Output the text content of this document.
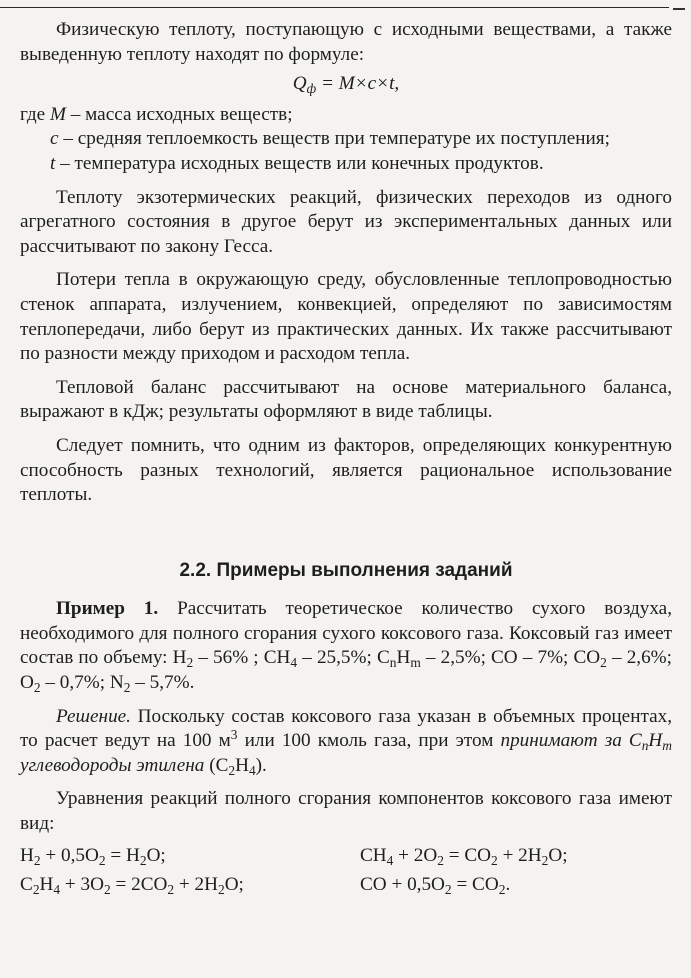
Физическую теплоту, поступающую с исходными веществами, а также выведенную теплоту находят по формуле:

$Q_ф = M\times c\times t$,

где M – масса исходных веществ;

c – средняя теплоемкость веществ при температуре их поступления;

t – температура исходных веществ или конечных продуктов.

Теплоту экзотермических реакций, физических переходов из одного агрегатного состояния в другое берут из экспериментальных данных или рассчитывают по закону Гесса.

Потери тепла в окружающую среду, обусловленные теплопроводностью стенок аппарата, излучением, конвекцией, определяют по зависимостям теплопередачи, либо берут из практических данных. Их также рассчитывают по разности между приходом и расходом тепла.

Тепловой баланс рассчитывают на основе материального баланса, выражают в кДж; результаты оформляют в виде таблицы.

Следует помнить, что одним из факторов, определяющих конкурентную способность разных технологий, является рациональное использование теплоты.

2.2. Примеры выполнения заданий

Пример 1. Рассчитать теоретическое количество сухого воздуха, необходимого для полного сгорания сухого коксового газа. Коксовый газ имеет состав по объему: $H_2 - 56\%$ ; $CH_4 - 25,5\%$; $C_nH_m - 2,5\%$; CO – 7%; $CO_2 - 2,6\%$; $O_2 - 0,7\%$; $N_2 - 5,7\%$.

Решение. Поскольку состав коксового газа указан в объемных процентах, то расчет ведут на 100 $м^3$ или 100 кмоль газа, при этом принимают за $C_nH_m$ углеводороды этилена $(C_2H_4)$.

Уравнения реакций полного сгорания компонентов коксового газа имеют вид:

$H_2 + 0,5O_2 = H_2O$;	$CH_4 + 2O_2 = CO_2 + 2H_2O$;
$C_2H_4 + 3O_2 = 2CO_2 + 2H_2O$;	CO + $0,5O_2 = CO_2$.
